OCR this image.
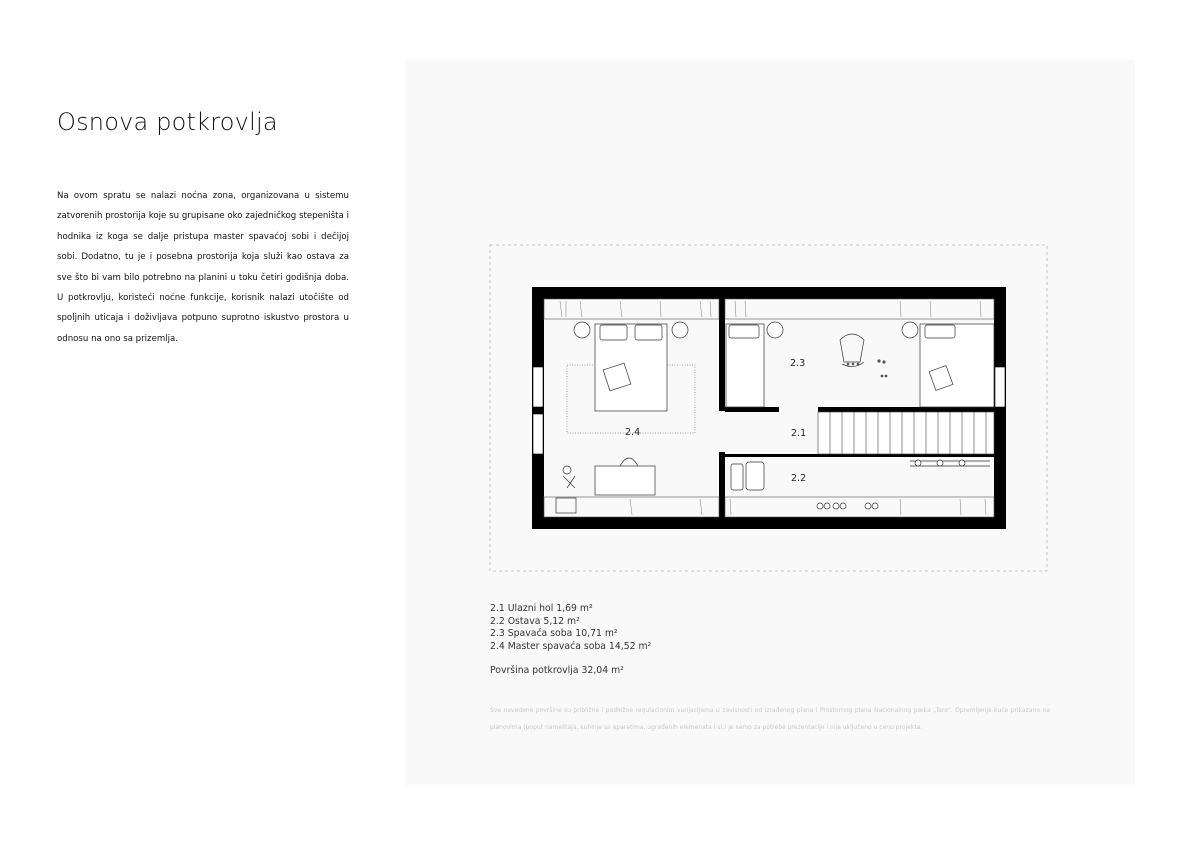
Osnova potkrovlja
Na ovom spratu se nalazi noćna zona, organizovana u sistemu zatvorenih prostorija koje su grupisane oko zajedničkog stepeništa i hodnika iz koga se dalje pristupa master spavaćoj sobi i dečijoj sobi. Dodatno, tu je i posebna prostorija koja služi kao ostava za sve što bi vam bilo potrebno na planini u toku četiri godišnja doba. U potkrovlju, koristeći noćne funkcije, korisnik nalazi utočište od spoljnih uticaja i doživljava potpuno suprotno iskustvo prostora u odnosu na ono sa prizemlja.
2.4
2.3
2.1
2.2
2.1 Ulazni hol 1,69 m²
2.2 Ostava 5,12 m²
2.3 Spavaća soba 10,71 m²
2.4 Master spavaća soba 14,52 m²
Površina potkrovlja 32,04 m²
Sve navedene površine su približne i podložne regulacionim varijacijama u zavisnosti od izrađenog plana i Prostornog plana Nacionalnog parka „Tara". Opremljenje kuće prikazano na planovima (poput nameštaja, kuhinje sa aparatima, ugrađenih elemenata i sl.) je samo za potrebe prezentacije i nije uključeno u cenu projekta.
